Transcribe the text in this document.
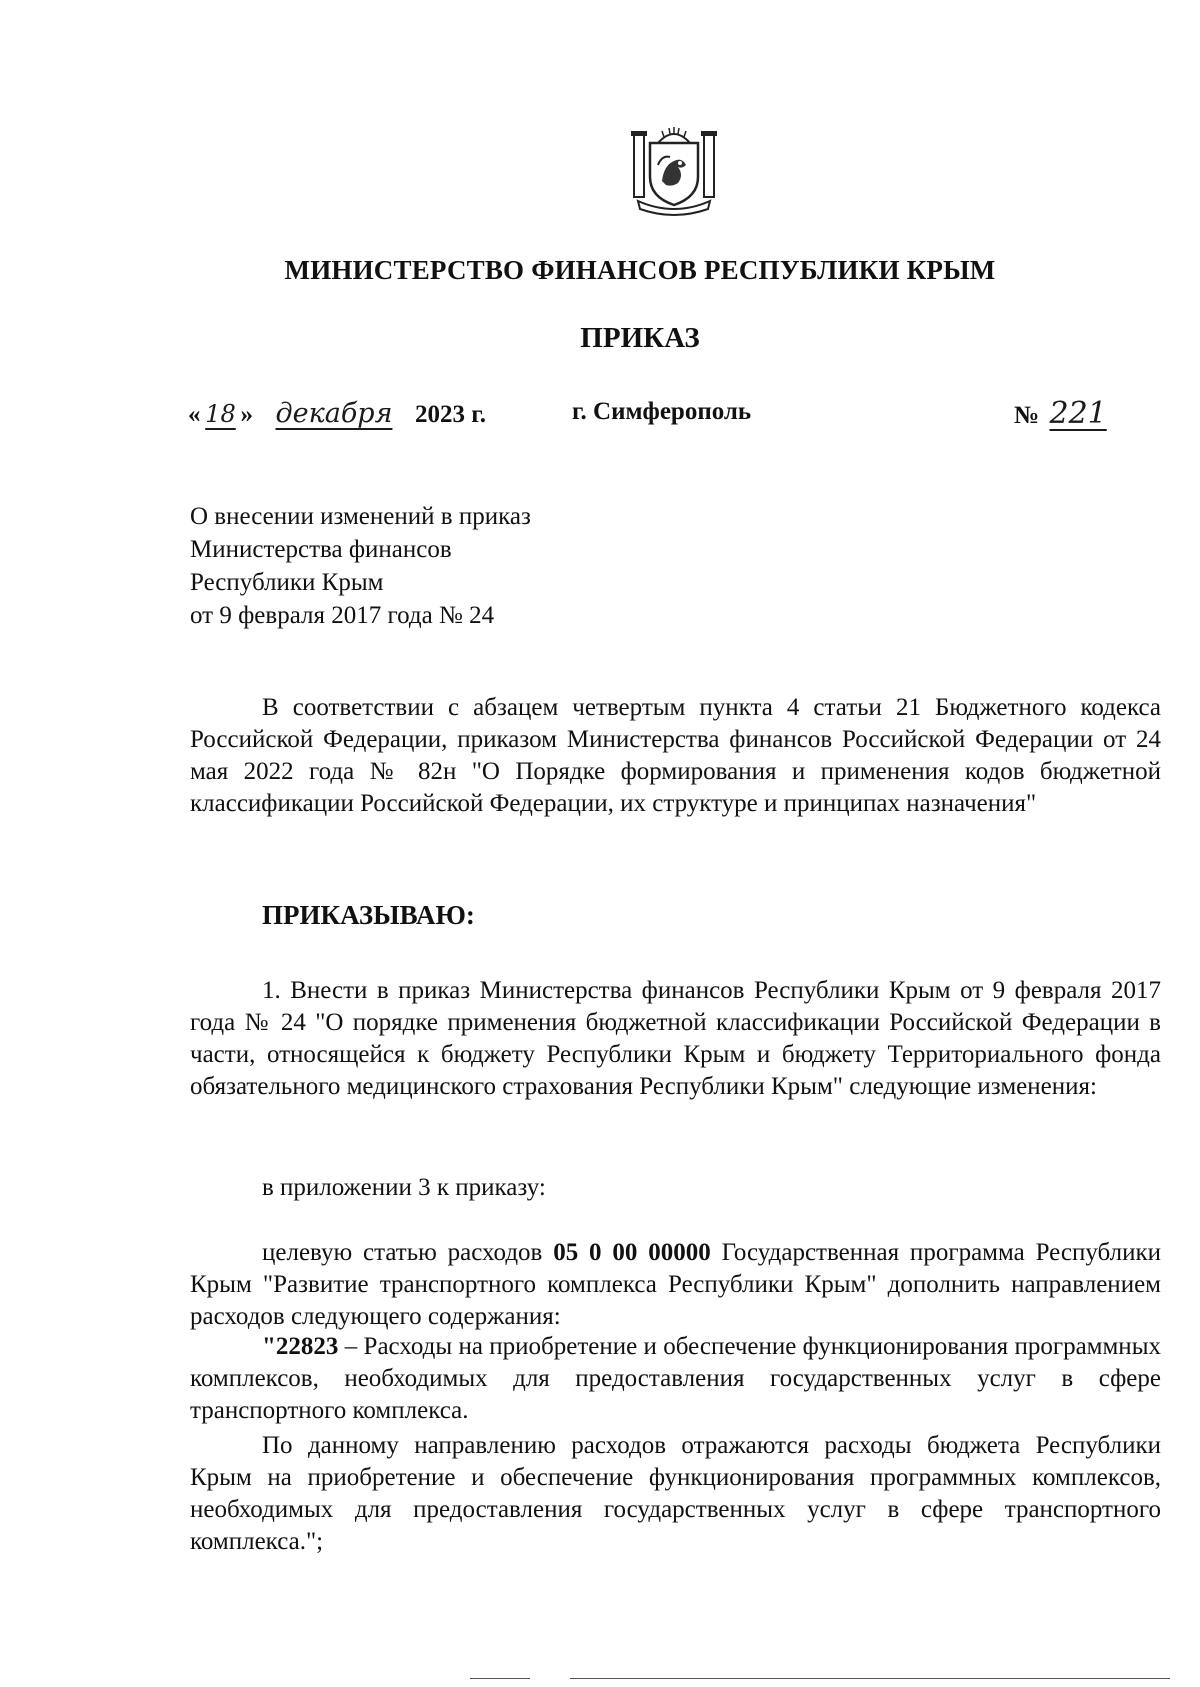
МИНИСТЕРСТВО ФИНАНСОВ РЕСПУБЛИКИ КРЫМ
ПРИКАЗ
« 18 » декабря 2023 г.	г. Симферополь	№ 221
О внесении изменений в приказ
Министерства финансов
Республики Крым
от 9 февраля 2017 года № 24
В соответствии с абзацем четвертым пункта 4 статьи 21 Бюджетного кодекса Российской Федерации, приказом Министерства финансов Российской Федерации от 24 мая 2022 года № 82н "О Порядке формирования и применения кодов бюджетной классификации Российской Федерации, их структуре и принципах назначения"
ПРИКАЗЫВАЮ:
1. Внести в приказ Министерства финансов Республики Крым от 9 февраля 2017 года № 24 "О порядке применения бюджетной классификации Российской Федерации в части, относящейся к бюджету Республики Крым и бюджету Территориального фонда обязательного медицинского страхования Республики Крым" следующие изменения:
в приложении 3 к приказу:
целевую статью расходов 05 0 00 00000 Государственная программа Республики Крым "Развитие транспортного комплекса Республики Крым" дополнить направлением расходов следующего содержания:
"22823 – Расходы на приобретение и обеспечение функционирования программных комплексов, необходимых для предоставления государственных услуг в сфере транспортного комплекса.
По данному направлению расходов отражаются расходы бюджета Республики Крым на приобретение и обеспечение функционирования программных комплексов, необходимых для предоставления государственных услуг в сфере транспортного комплекса.";
